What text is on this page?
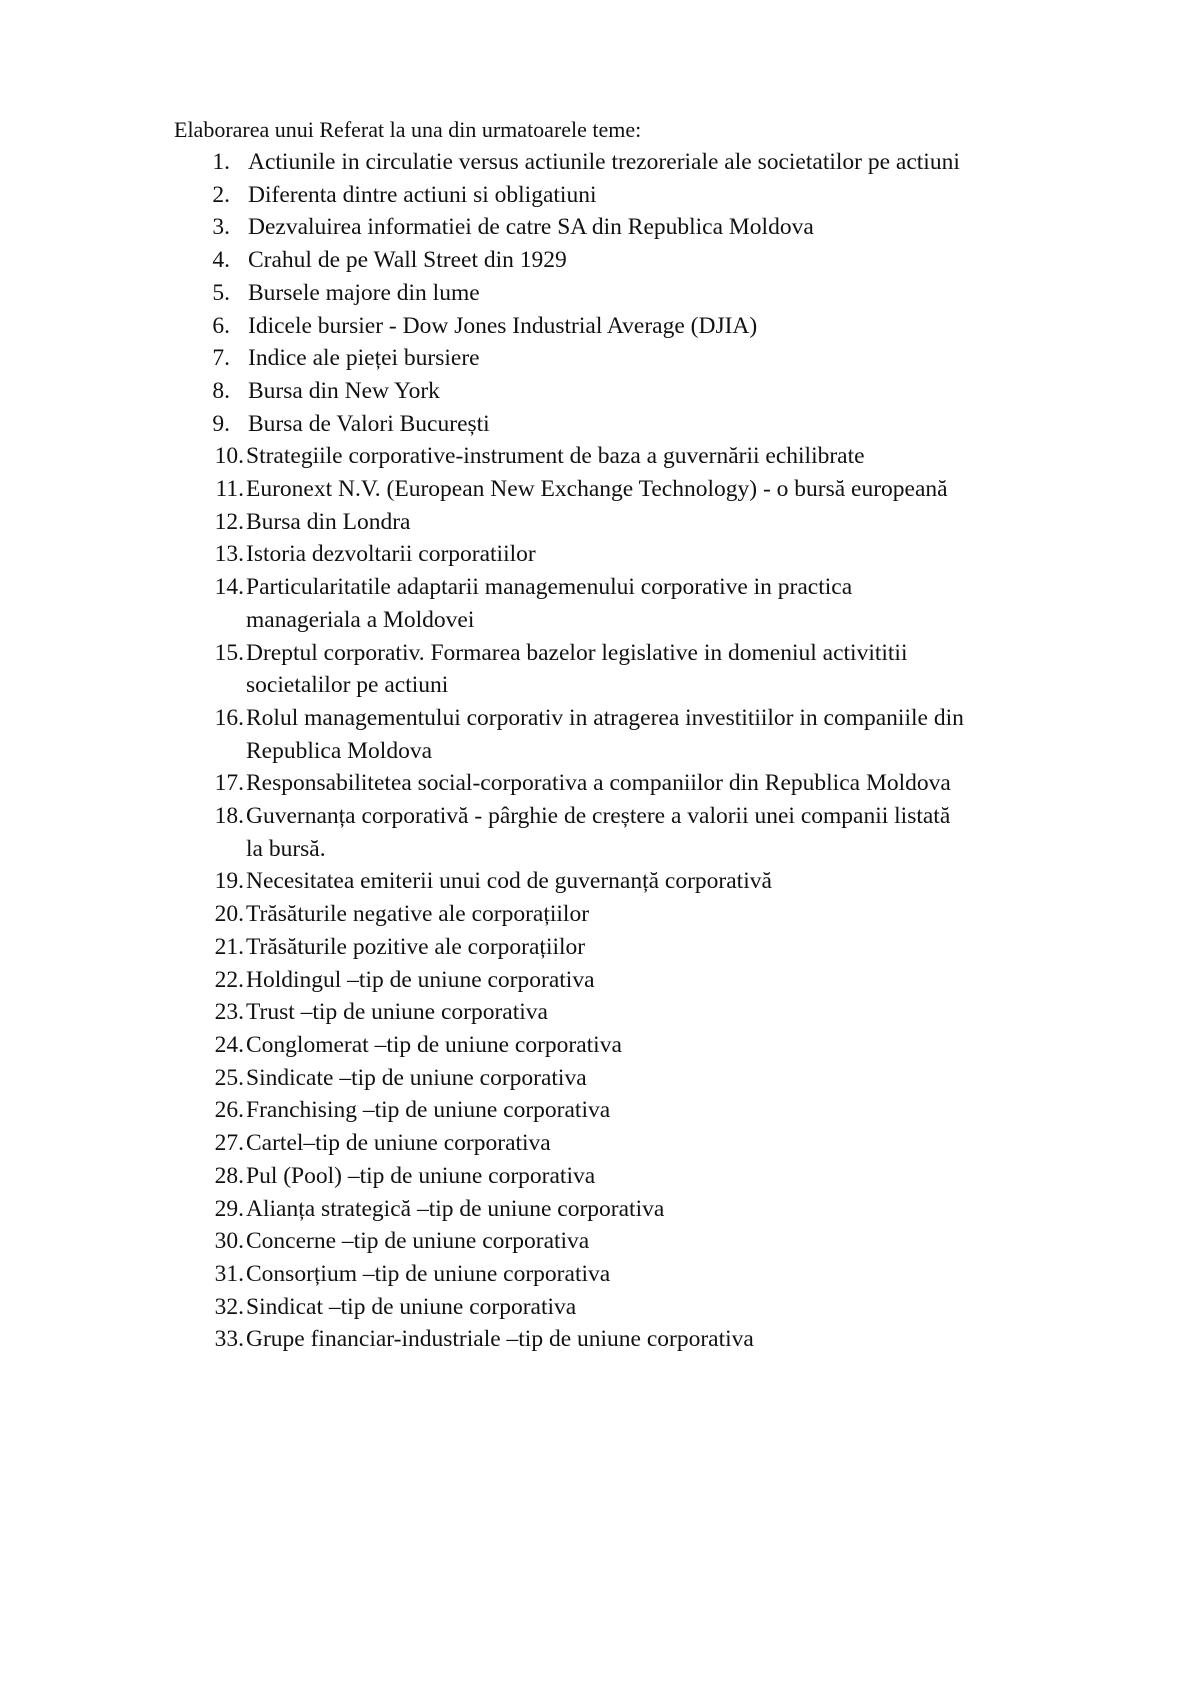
Elaborarea unui Referat la una din urmatoarele teme:
1. Actiunile in circulatie versus actiunile trezoreriale ale societatilor pe actiuni
2. Diferenta dintre actiuni si obligatiuni
3. Dezvaluirea informatiei de catre SA din Republica Moldova
4. Crahul de pe Wall Street din 1929
5. Bursele majore din lume
6. Idicele bursier - Dow Jones Industrial Average (DJIA)
7. Indice ale pieței bursiere
8. Bursa din New York
9. Bursa de Valori București
10. Strategiile corporative-instrument de baza a guvernării echilibrate
11. Euronext N.V. (European New Exchange Technology) - o bursă europeană
12. Bursa din Londra
13. Istoria dezvoltarii corporatiilor
14. Particularitatile adaptarii managemenului corporative in practica
manageriala a Moldovei
15. Dreptul corporativ. Formarea bazelor legislative in domeniul activititii
societalilor pe actiuni
16. Rolul managementului corporativ in atragerea investitiilor in companiile din
Republica Moldova
17. Responsabilitetea social-corporativa a companiilor din Republica Moldova
18. Guvernanța corporativă - pârghie de creștere a valorii unei companii listată
la bursă.
19. Necesitatea emiterii unui cod de guvernanță corporativă
20. Trăsăturile negative ale corporațiilor
21. Trăsăturile pozitive ale corporațiilor
22. Holdingul –tip de uniune corporativa
23. Trust –tip de uniune corporativa
24. Conglomerat –tip de uniune corporativa
25. Sindicate –tip de uniune corporativa
26. Franchising –tip de uniune corporativa
27. Cartel–tip de uniune corporativa
28. Pul (Pool) –tip de uniune corporativa
29. Alianța strategică –tip de uniune corporativa
30. Concerne –tip de uniune corporativa
31. Consorțium –tip de uniune corporativa
32. Sindicat –tip de uniune corporativa
33. Grupe financiar-industriale –tip de uniune corporativa
